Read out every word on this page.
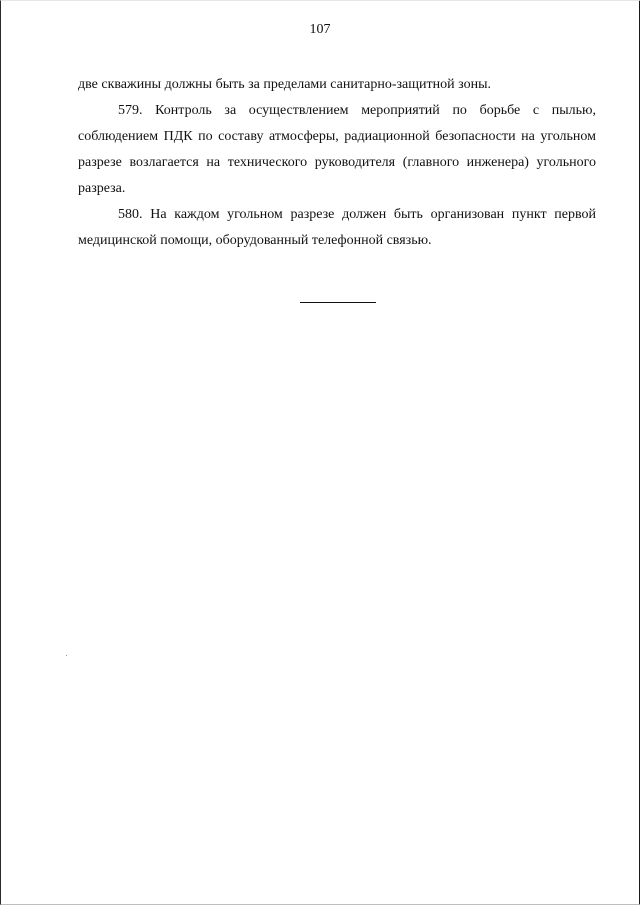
107

две скважины должны быть за пределами санитарно-защитной зоны.

579. Контроль за осуществлением мероприятий по борьбе с пылью, соблюдением ПДК по составу атмосферы, радиационной безопасности на угольном разрезе возлагается на технического руководителя (главного инженера) угольного разреза.

580. На каждом угольном разрезе должен быть организован пункт первой медицинской помощи, оборудованный телефонной связью.
